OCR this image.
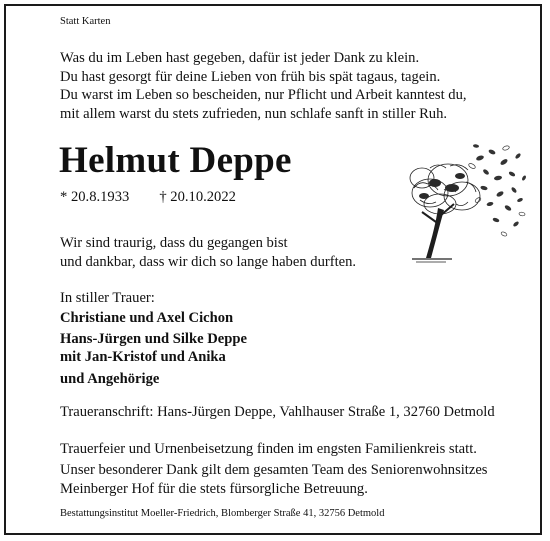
Statt Karten
Was du im Leben hast gegeben, dafür ist jeder Dank zu klein.
Du hast gesorgt für deine Lieben von früh bis spät tagaus, tagein.
Du warst im Leben so bescheiden, nur Pflicht und Arbeit kanntest du,
mit allem warst du stets zufrieden, nun schlafe sanft in stiller Ruh.
Helmut Deppe
* 20.8.1933 † 20.10.2022
Wir sind traurig, dass du gegangen bist
und dankbar, dass wir dich so lange haben durften.
In stiller Trauer:
Christiane und Axel Cichon
Hans-Jürgen und Silke Deppe
mit Jan-Kristof und Anika
und Angehörige
Traueranschrift: Hans-Jürgen Deppe, Vahlhauser Straße 1, 32760 Detmold
Trauerfeier und Urnenbeisetzung finden im engsten Familienkreis statt.
Unser besonderer Dank gilt dem gesamten Team des Seniorenwohnsitzes
Meinberger Hof für die stets fürsorgliche Betreuung.
Bestattungsinstitut Moeller-Friedrich, Blomberger Straße 41, 32756 Detmold
